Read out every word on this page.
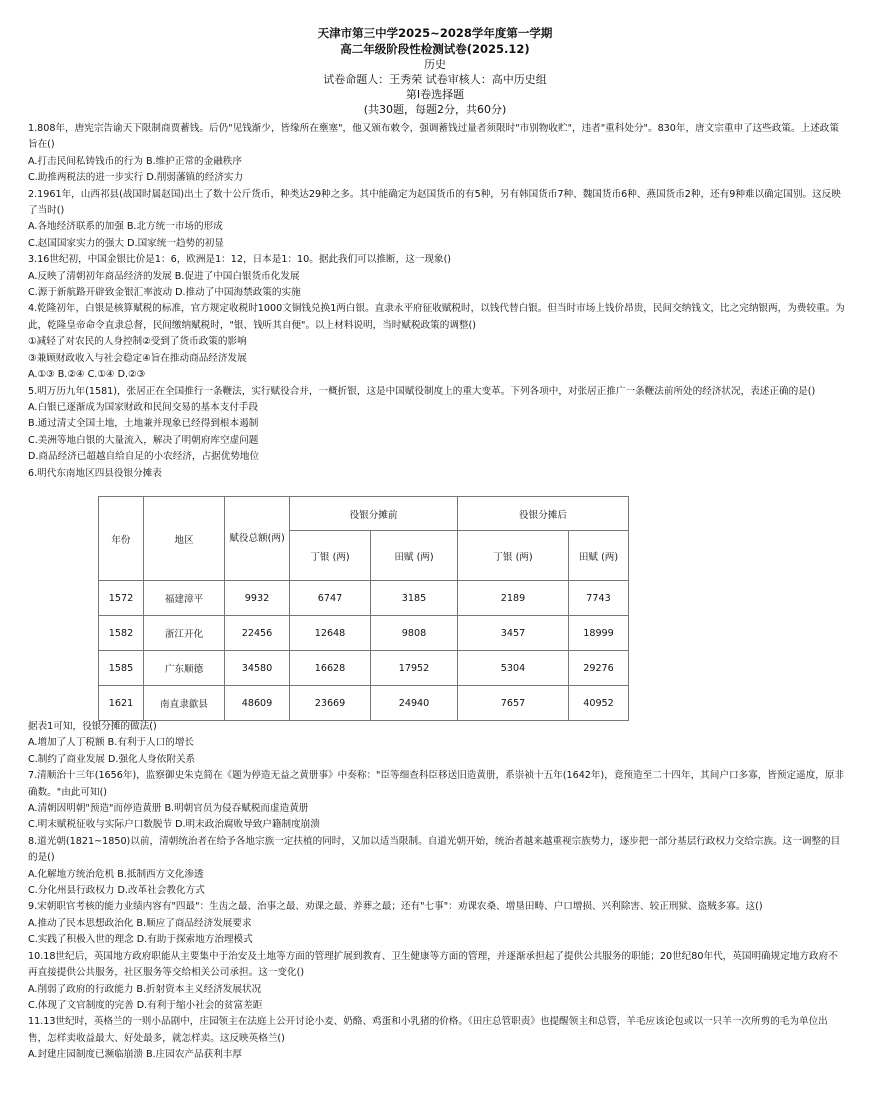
天津市第三中学2025~2028学年度第一学期
高二年级阶段性检测试卷(2025.12)
历史
试卷命题人：王秀荣 试卷审核人：高中历史组
第Ⅰ卷选择题
(共30题，每题2分，共60分)

1.808年，唐宪宗告谕天下限制商贾蓄钱。后仍"见钱渐少，皆缘所在壅塞"，他又颁布敕令，强调蓄钱过量者须限时"市别物收贮"，违者"重科处分"。830年，唐文宗重申了这些政策。上述政策旨在()

A.打击民间私铸钱币的行为 B.维护正常的金融秩序

C.助推两税法的进一步实行 D.削弱藩镇的经济实力

2.1961年，山西祁县(战国时属赵国)出土了数十公斤货币，种类达29种之多。其中能确定为赵国货币的有5种，另有韩国货币7种、魏国货币6种、燕国货币2种，还有9种难以确定国别。这反映了当时()

A.各地经济联系的加强 B.北方统一市场的形成

C.赵国国家实力的强大 D.国家统一趋势的初显

3.16世纪初，中国金银比价是1：6，欧洲是1：12，日本是1：10。据此我们可以推断，这一现象()

A.反映了清朝初年商品经济的发展 B.促进了中国白银货币化发展

C.源于新航路开辟致金银汇率波动 D.推动了中国海禁政策的实施

4.乾隆初年，白银是核算赋税的标准，官方规定收税时1000文铜钱兑换1两白银。直隶永平府征收赋税时，以钱代替白银。但当时市场上钱价昂贵，民间交纳钱文，比之完纳银两，为费较重。为此，乾隆皇帝命令直隶总督，民间缴纳赋税时，"银、钱听其自便"。以上材料说明，当时赋税政策的调整()

①减轻了对农民的人身控制②受到了货币政策的影响

③兼顾财政收入与社会稳定④旨在推动商品经济发展

A.①③ B.②④ C.①④ D.②③

5.明万历九年(1581)，张居正在全国推行一条鞭法，实行赋役合并，一概折银，这是中国赋役制度上的重大变革。下列各项中，对张居正推广一条鞭法前所处的经济状况，表述正确的是()

A.白银已逐渐成为国家财政和民间交易的基本支付手段

B.通过清丈全国土地，土地兼并现象已经得到根本遏制

C.美洲等地白银的大量流入，解决了明朝府库空虚问题

D.商品经济已超越自给自足的小农经济，占据优势地位

6.明代东南地区四县役银分摊表

年份	地区	赋役总额(两)	役银分摊前		役银分摊后	
			丁银 (两)	田赋 (两)	丁银 (两)	田赋 (两)
1572	福建漳平	9932	6747	3185	2189	7743
1582	浙江开化	22456	12648	9808	3457	18999
1585	广东顺德	34580	16628	17952	5304	29276
1621	南直隶歙县	48609	23669	24940	7657	40952

据表1可知，役银分摊的做法()

A.增加了人丁税额 B.有利于人口的增长

C.制约了商业发展 D.强化人身依附关系

7.清顺治十三年(1656年)，监察御史朱克简在《题为停造无益之黄册事》中奏称："臣等细查科臣移送旧造黄册，系崇祯十五年(1642年)，竟预造至二十四年，其间户口多寡，皆预定遥度，原非确数。"由此可知()

A.清朝因明朝"预造"而停造黄册 B.明朝官员为侵吞赋税而虚造黄册

C.明末赋税征收与实际户口数脱节 D.明末政治腐败导致户籍制度崩溃

8.道光朝(1821~1850)以前，清朝统治者在给予各地宗族一定扶植的同时，又加以适当限制。自道光朝开始，统治者越来越重视宗族势力，逐步把一部分基层行政权力交给宗族。这一调整的目的是()

A.化解地方统治危机 B.抵制西方文化渗透

C.分化州县行政权力 D.改革社会教化方式

9.宋朝职官考核的能力业绩内容有"四最"：生齿之最、治事之最、劝课之最、养葬之最；还有"七事"：劝课农桑、增垦田畴、户口增损、兴利除害、较正刑狱、盗贼多寡。这()

A.推动了民本思想政治化 B.顺应了商品经济发展要求

C.实践了积极入世的理念 D.有助于探索地方治理模式

10.18世纪后，英国地方政府职能从主要集中于治安及土地等方面的管理扩展到教育、卫生健康等方面的管理，并逐渐承担起了提供公共服务的职能；20世纪80年代，英国明确规定地方政府不再直接提供公共服务，社区服务等交给相关公司承担。这一变化()

A.削弱了政府的行政能力 B.折射资本主义经济发展状况

C.体现了文官制度的完善 D.有利于缩小社会的贫富差距

11.13世纪时，英格兰的一则小品剧中，庄园领主在法庭上公开讨论小麦、奶酪、鸡蛋和小乳猪的价格。《田庄总管职责》也提醒领主和总管，羊毛应该论包或以一只羊一次所剪的毛为单位出售，怎样卖收益最大、好处最多，就怎样卖。这反映英格兰()

A.封建庄园制度已濒临崩溃 B.庄园农产品获利丰厚
